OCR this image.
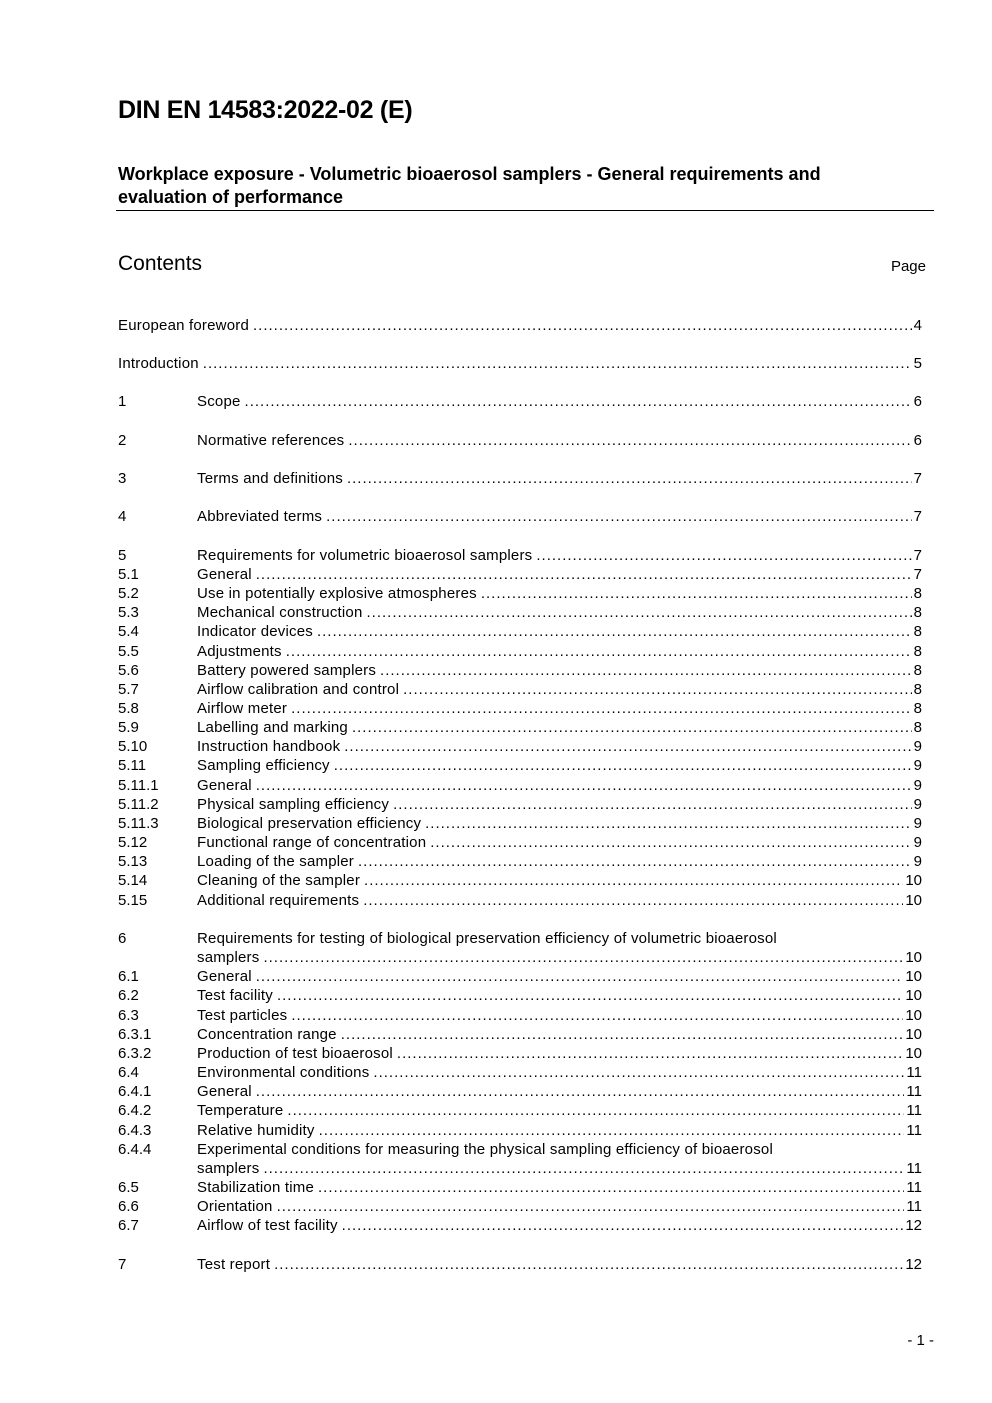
DIN EN 14583:2022-02 (E)
Workplace exposure - Volumetric bioaerosol samplers - General requirements and evaluation of performance
Contents	Page
European foreword .....	4
Introduction .....	5
1	Scope .....	6
2	Normative references .....	6
3	Terms and definitions .....	7
4	Abbreviated terms .....	7
5	Requirements for volumetric bioaerosol samplers .....	7
5.1	General .....	7
5.2	Use in potentially explosive atmospheres .....	8
5.3	Mechanical construction .....	8
5.4	Indicator devices .....	8
5.5	Adjustments .....	8
5.6	Battery powered samplers .....	8
5.7	Airflow calibration and control .....	8
5.8	Airflow meter .....	8
5.9	Labelling and marking .....	8
5.10	Instruction handbook .....	9
5.11	Sampling efficiency .....	9
5.11.1	General .....	9
5.11.2	Physical sampling efficiency .....	9
5.11.3	Biological preservation efficiency .....	9
5.12	Functional range of concentration .....	9
5.13	Loading of the sampler .....	9
5.14	Cleaning of the sampler .....	10
5.15	Additional requirements .....	10
6	Requirements for testing of biological preservation efficiency of volumetric bioaerosol
samplers .....	10
6.1	General .....	10
6.2	Test facility .....	10
6.3	Test particles .....	10
6.3.1	Concentration range .....	10
6.3.2	Production of test bioaerosol .....	10
6.4	Environmental conditions .....	11
6.4.1	General .....	11
6.4.2	Temperature .....	11
6.4.3	Relative humidity .....	11
6.4.4	Experimental conditions for measuring the physical sampling efficiency of bioaerosol
samplers .....	11
6.5	Stabilization time .....	11
6.6	Orientation .....	11
6.7	Airflow of test facility .....	12
7	Test report .....	12
- 1 -
